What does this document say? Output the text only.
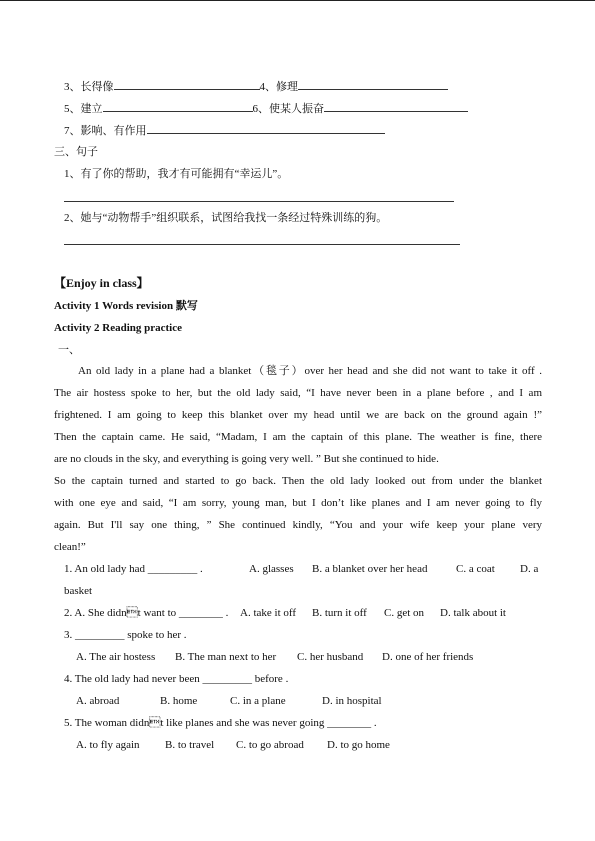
3、长得像	4、修理
5、建立	6、使某人振奋
7、影响、有作用
三、句子
1、有了你的帮助，我才有可能拥有“幸运儿”。
2、她与“动物帮手”组织联系，试图给我找一条经过特殊训练的狗。
【Enjoy in class】
Activity 1 Words revision 默写
Activity 2 Reading practice
一、

An old lady in a plane had a blanket（毯子）over her head and she did not want to take it off .

The air hostess spoke to her, but the old lady said, “I have never been in a plane before , and I am

frightened. I am going to keep this blanket over my head until we are back on the ground again !”

Then the captain came. He said, “Madam, I am the captain of this plane. The weather is fine, there

are no clouds in the sky, and everything is going very well. ” But she continued to hide.

So the captain turned and started to go back. Then the old lady looked out from under the blanket

with one eye and said, “I am sorry, young man, but I don’t like planes and I am never going to fly

again. But I'll say one thing, ” She continued kindly, “You and your wife keep your plane very

clean!”

1. An old lady had _________ .	A. glasses B. a blanket over her head	C. a coat D. a
basket
2. A. She didnt want to ________ . A. take it off B. turn it off C. get on D. talk about it
3. _________ spoke to her .
A. The air hostess B. The man next to her C. her husband D. one of her friends
4. The old lady had never been _________ before .
A. abroad	B. home	C. in a plane	D. in hospital
5. The woman didnt like planes and she was never going ________ .
A. to fly again B. to travel C. to go abroad D. to go home
